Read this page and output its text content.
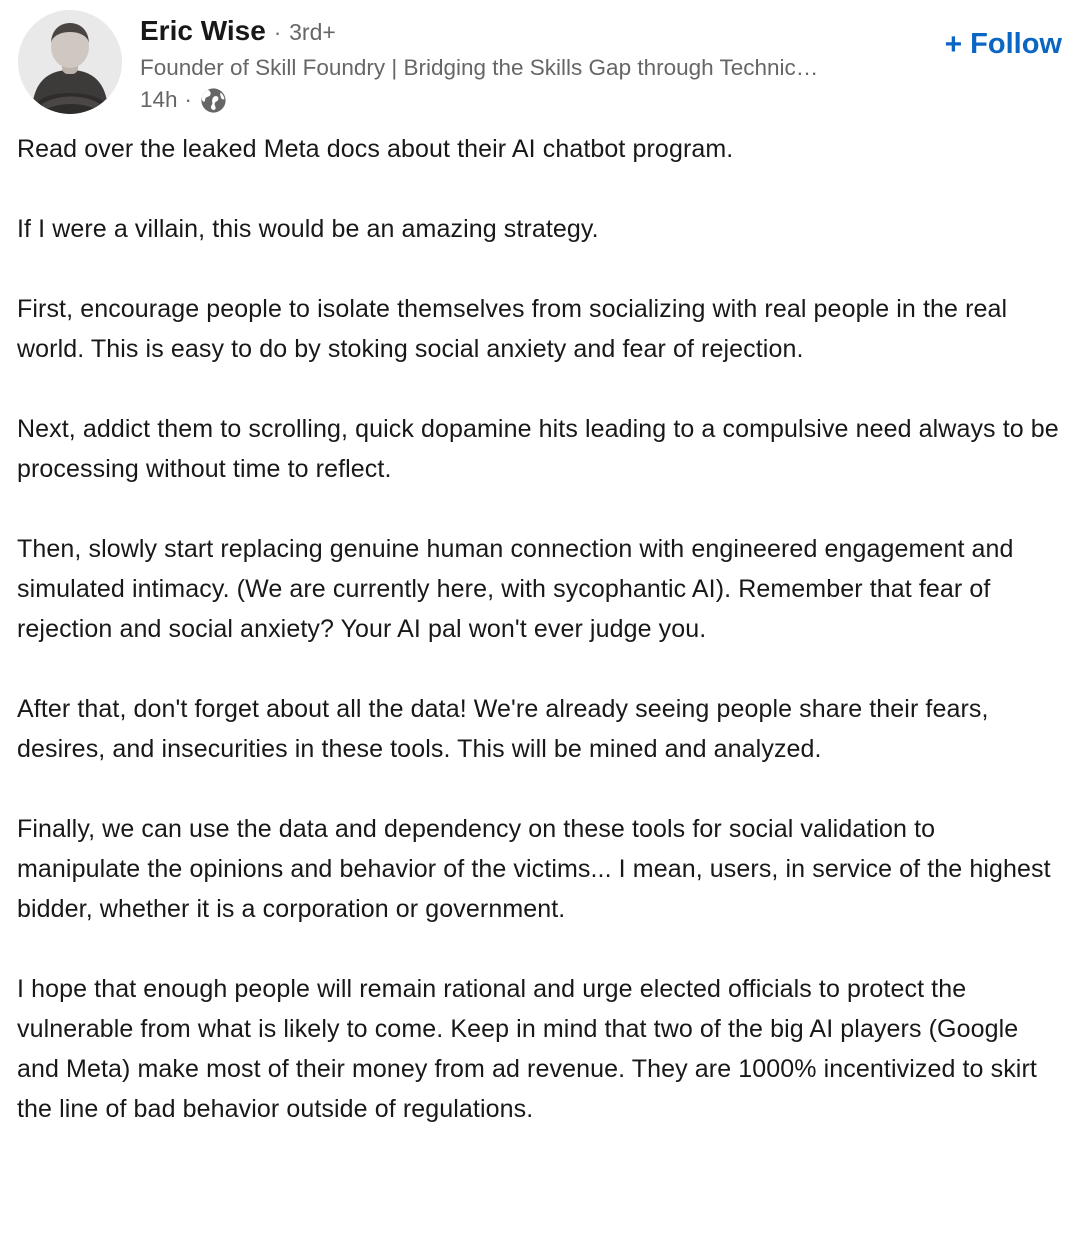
Eric Wise · 3rd+
Founder of Skill Foundry | Bridging the Skills Gap through Technic…
14h ·
+ Follow

Read over the leaked Meta docs about their AI chatbot program.

If I were a villain, this would be an amazing strategy.

First, encourage people to isolate themselves from socializing with real people in the real world. This is easy to do by stoking social anxiety and fear of rejection.

Next, addict them to scrolling, quick dopamine hits leading to a compulsive need always to be processing without time to reflect.

Then, slowly start replacing genuine human connection with engineered engagement and simulated intimacy. (We are currently here, with sycophantic AI). Remember that fear of rejection and social anxiety? Your AI pal won't ever judge you.

After that, don't forget about all the data! We're already seeing people share their fears, desires, and insecurities in these tools. This will be mined and analyzed.

Finally, we can use the data and dependency on these tools for social validation to manipulate the opinions and behavior of the victims... I mean, users, in service of the highest bidder, whether it is a corporation or government.

I hope that enough people will remain rational and urge elected officials to protect the vulnerable from what is likely to come. Keep in mind that two of the big AI players (Google and Meta) make most of their money from ad revenue. They are 1000% incentivized to skirt the line of bad behavior outside of regulations.
